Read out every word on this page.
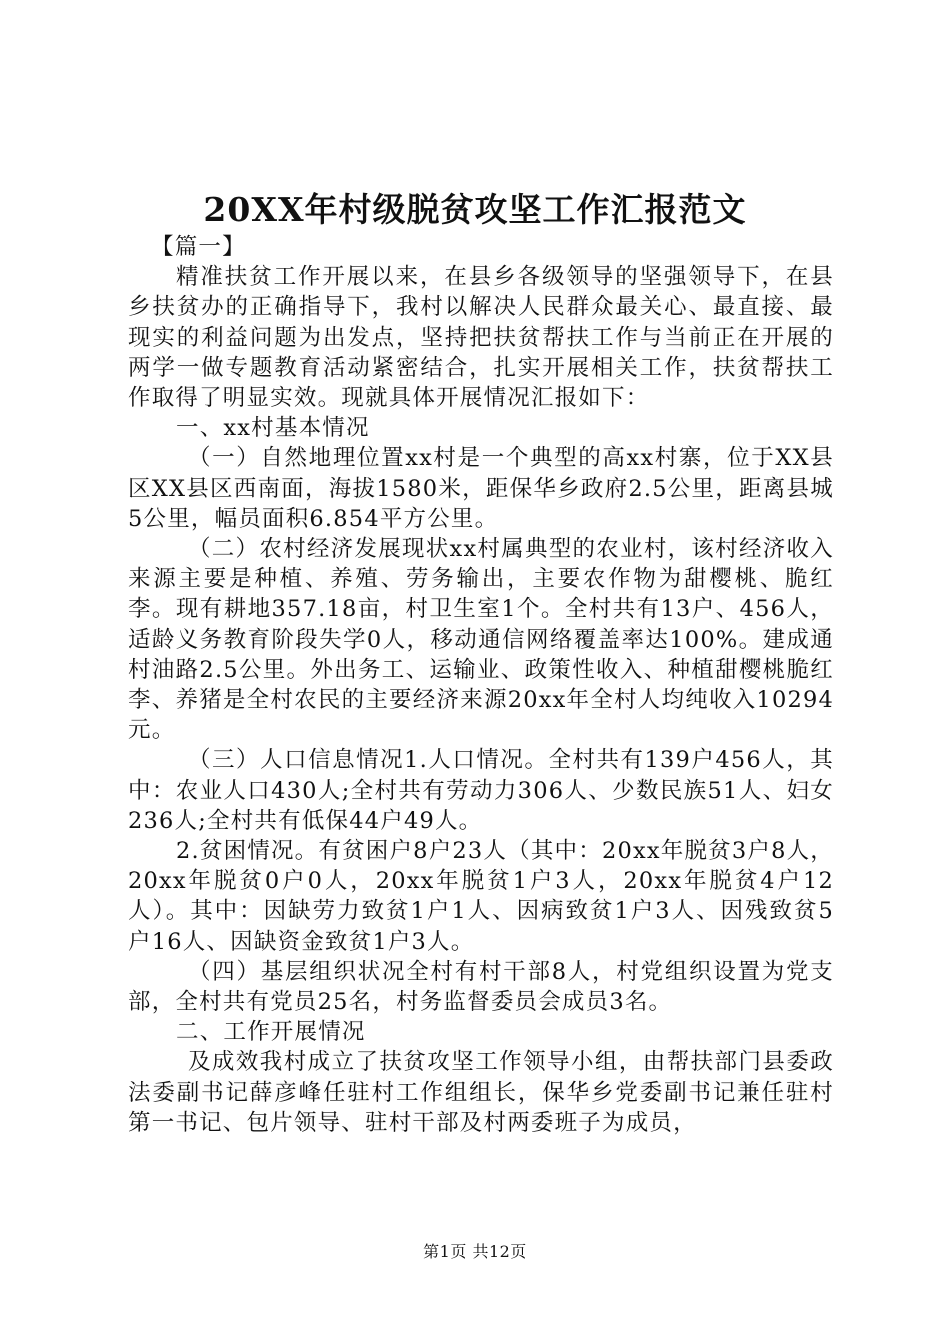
20XX年村级脱贫攻坚工作汇报范文

【篇一】

精准扶贫工作开展以来，在县乡各级领导的坚强领导下，在县乡扶贫办的正确指导下，我村以解决人民群众最关心、最直接、最现实的利益问题为出发点，坚持把扶贫帮扶工作与当前正在开展的两学一做专题教育活动紧密结合，扎实开展相关工作，扶贫帮扶工作取得了明显实效。现就具体开展情况汇报如下：

一、xx村基本情况

（一）自然地理位置xx村是一个典型的高xx村寨，位于XX县区XX县区西南面，海拔1580米，距保华乡政府2.5公里，距离县城5公里，幅员面积6.854平方公里。

（二）农村经济发展现状xx村属典型的农业村，该村经济收入来源主要是种植、养殖、劳务输出，主要农作物为甜樱桃、脆红李。现有耕地357.18亩，村卫生室1个。全村共有13户、456人，适龄义务教育阶段失学0人，移动通信网络覆盖率达100%。建成通村油路2.5公里。外出务工、运输业、政策性收入、种植甜樱桃脆红李、养猪是全村农民的主要经济来源20xx年全村人均纯收入10294元。

（三）人口信息情况1.人口情况。全村共有139户456人，其中：农业人口430人;全村共有劳动力306人、少数民族51人、妇女236人;全村共有低保44户49人。

2.贫困情况。有贫困户8户23人（其中：20xx年脱贫3户8人，20xx年脱贫0户0人，20xx年脱贫1户3人，20xx年脱贫4户12人）。其中：因缺劳力致贫1户1人、因病致贫1户3人、因残致贫5户16人、因缺资金致贫1户3人。

（四）基层组织状况全村有村干部8人，村党组织设置为党支部，全村共有党员25名，村务监督委员会成员3名。

二、工作开展情况

及成效我村成立了扶贫攻坚工作领导小组，由帮扶部门县委政法委副书记薛彦峰任驻村工作组组长，保华乡党委副书记兼任驻村第一书记、包片领导、驻村干部及村两委班子为成员，

第1页 共12页
